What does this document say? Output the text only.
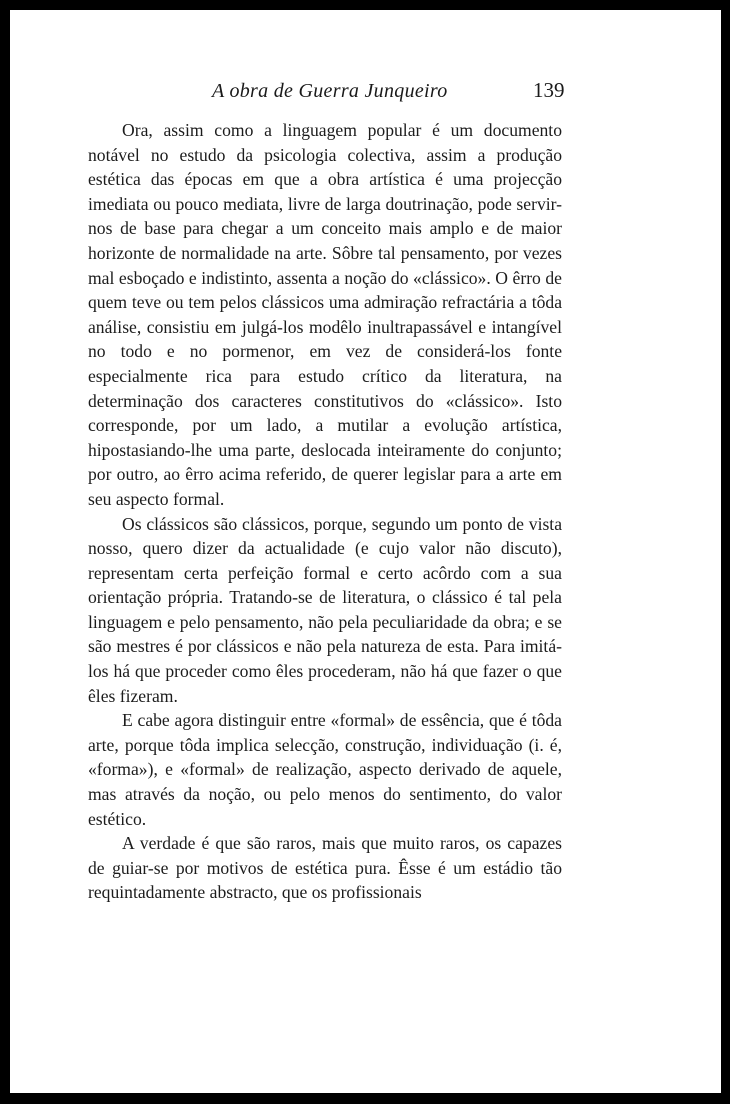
A obra de Guerra Junqueiro	139

Ora, assim como a linguagem popular é um documento notável no estudo da psicologia colectiva, assim a produção estética das épocas em que a obra artística é uma projecção imediata ou pouco mediata, livre de larga doutrinação, pode servir-nos de base para chegar a um conceito mais amplo e de maior horizonte de normalidade na arte. Sôbre tal pensamento, por vezes mal esboçado e indistinto, assenta a noção do «clássico». O êrro de quem teve ou tem pelos clássicos uma admiração refractária a tôda análise, consistiu em julgá-los modêlo inultrapassável e intangível no todo e no pormenor, em vez de considerá-los fonte especialmente rica para estudo crítico da literatura, na determinação dos caracteres constitutivos do «clássico». Isto corresponde, por um lado, a mutilar a evolução artística, hipostasiando-lhe uma parte, deslocada inteiramente do conjunto; por outro, ao êrro acima referido, de querer legislar para a arte em seu aspecto formal.

Os clássicos são clássicos, porque, segundo um ponto de vista nosso, quero dizer da actualidade (e cujo valor não discuto), representam certa perfeição formal e certo acôrdo com a sua orientação própria. Tratando-se de literatura, o clássico é tal pela linguagem e pelo pensamento, não pela peculiaridade da obra; e se são mestres é por clássicos e não pela natureza de esta. Para imitá-los há que proceder como êles procederam, não há que fazer o que êles fizeram.

E cabe agora distinguir entre «formal» de essência, que é tôda arte, porque tôda implica selecção, construção, individuação (i. é, «forma»), e «formal» de realização, aspecto derivado de aquele, mas através da noção, ou pelo menos do sentimento, do valor estético.

A verdade é que são raros, mais que muito raros, os capazes de guiar-se por motivos de estética pura. Êsse é um estádio tão requintadamente abstracto, que os profissionais
